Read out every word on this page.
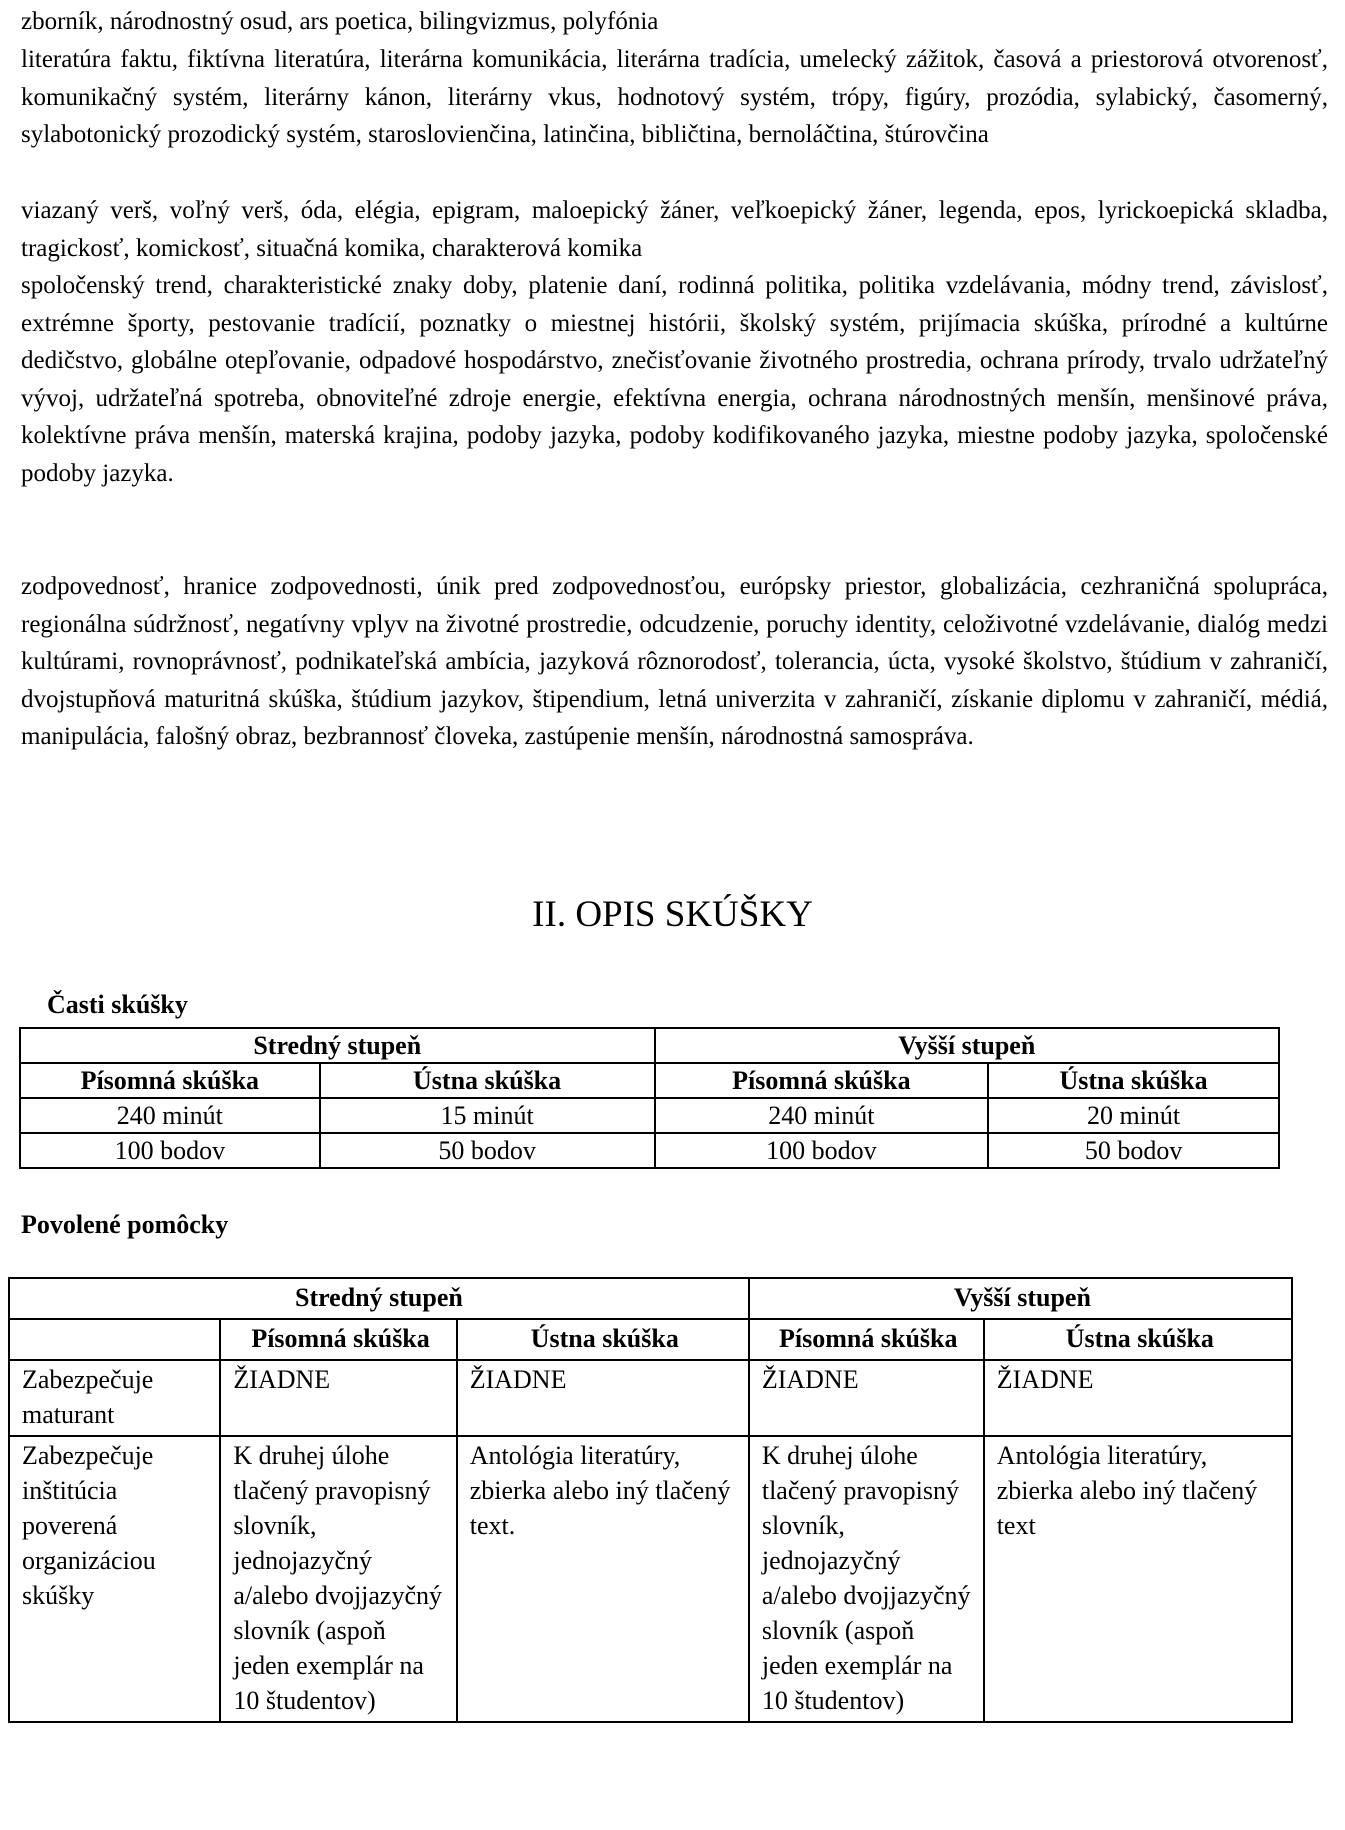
zborník, národnostný osud, ars poetica, bilingvizmus, polyfónia

literatúra faktu, fiktívna literatúra, literárna komunikácia, literárna tradícia, umelecký zážitok, časová a priestorová otvorenosť, komunikačný systém, literárny kánon, literárny vkus, hodnotový systém, trópy, figúry, prozódia, sylabický, časomerný, sylabotonický prozodický systém, staroslovienčina, latinčina, bibličtina, bernoláčtina, štúrovčina

viazaný verš, voľný verš, óda, elégia, epigram, maloepický žáner, veľkoepický žáner, legenda, epos, lyrickoepická skladba, tragickosť, komickosť, situačná komika, charakterová komika

spoločenský trend, charakteristické znaky doby, platenie daní, rodinná politika, politika vzdelávania, módny trend, závislosť, extrémne športy, pestovanie tradícií, poznatky o miestnej histórii, školský systém, prijímacia skúška, prírodné a kultúrne dedičstvo, globálne otepľovanie, odpadové hospodárstvo, znečisťovanie životného prostredia, ochrana prírody, trvalo udržateľný vývoj, udržateľná spotreba, obnoviteľné zdroje energie, efektívna energia, ochrana národnostných menšín, menšinové práva, kolektívne práva menšín, materská krajina, podoby jazyka, podoby kodifikovaného jazyka, miestne podoby jazyka, spoločenské podoby jazyka.

zodpovednosť, hranice zodpovednosti, únik pred zodpovednosťou, európsky priestor, globalizácia, cezhraničná spolupráca, regionálna súdržnosť, negatívny vplyv na životné prostredie, odcudzenie, poruchy identity, celoživotné vzdelávanie, dialóg medzi kultúrami, rovnoprávnosť, podnikateľská ambícia, jazyková rôznorodosť, tolerancia, úcta, vysoké školstvo, štúdium v zahraničí, dvojstupňová maturitná skúška, štúdium jazykov, štipendium, letná univerzita v zahraničí, získanie diplomu v zahraničí, médiá, manipulácia, falošný obraz, bezbrannosť človeka, zastúpenie menšín, národnostná samospráva.

II. OPIS SKÚŠKY
Časti skúšky
Stredný stupeň		Vyšší stupeň	
Písomná skúška	Ústna skúška	Písomná skúška	Ústna skúška
240 minút	15 minút	240 minút	20 minút
100 bodov	50 bodov	100 bodov	50 bodov
Povolené pomôcky
Stredný stupeň			Vyšší stupeň	
	Písomná skúška	Ústna skúška	Písomná skúška	Ústna skúška
Zabezpečuje maturant	ŽIADNE	ŽIADNE	ŽIADNE	ŽIADNE
Zabezpečuje inštitúcia poverená organizáciou skúšky	K druhej úlohe tlačený pravopisný slovník, jednojazyčný a/alebo dvojjazyčný slovník (aspoň jeden exemplár na 10 študentov)	Antológia literatúry, zbierka alebo iný tlačený text.	K druhej úlohe tlačený pravopisný slovník, jednojazyčný a/alebo dvojjazyčný slovník (aspoň jeden exemplár na 10 študentov)	Antológia literatúry, zbierka alebo iný tlačený text
